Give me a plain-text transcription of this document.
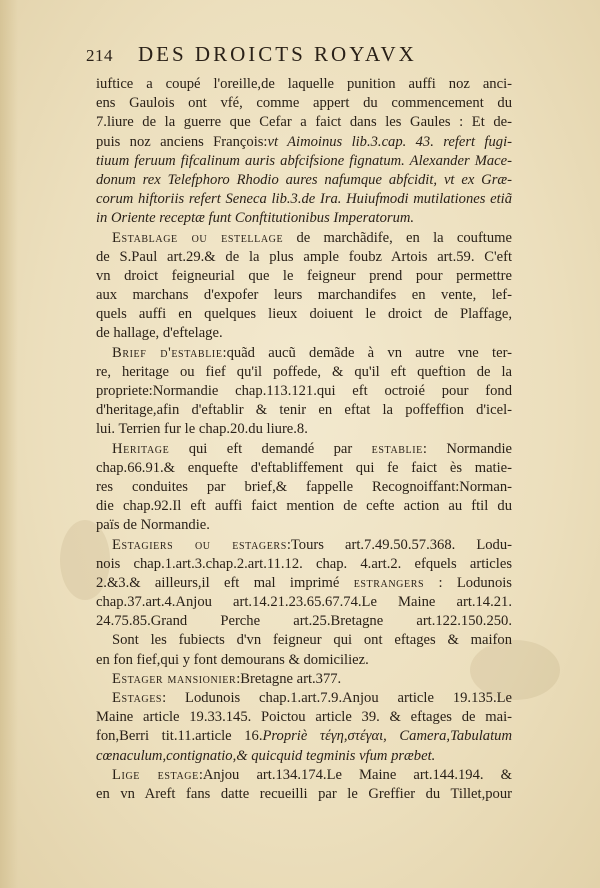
214 DES DROICTS ROYAVX
iuftice a coupé l'oreille,de laquelle punition auffi noz anci-
ens Gaulois ont vfé, comme appert du commencement du
7.liure de la guerre que Cefar a faict dans les Gaules : Et de-
puis noz anciens François:vt Aimoinus lib.3.cap. 43. refert fugi-
tiuum feruum fifcalinum auris abfcifsione fignatum. Alexander Mace-
donum rex Telefphoro Rhodio aures nafumque abfcidit, vt ex Græ-
corum hiftoriis refert Seneca lib.3.de Ira. Huiufmodi mutilationes etiã
in Oriente receptæ funt Conftitutionibus Imperatorum.
Establage ou estellage de marchãdife, en la couftume
de S.Paul art.29.& de la plus ample foubz Artois art.59. C'eft
vn droict feigneurial que le feigneur prend pour permettre
aux marchans d'expofer leurs marchandifes en vente, lef-
quels auffi en quelques lieux doiuent le droict de Plaffage,
de hallage, d'eftelage.
Brief d'establie:quãd aucũ demãde à vn autre vne ter-
re, heritage ou fief qu'il poffede, & qu'il eft queftion de la
propriete:Normandie chap.113.121.qui eft octroié pour fond
d'heritage,afin d'eftablir & tenir en eftat la poffeffion d'icel-
lui. Terrien fur le chap.20.du liure.8.
Heritage qui eft demandé par establie: Normandie
chap.66.91.& enquefte d'eftabliffement qui fe faict ès matie-
res conduites par brief,& fappelle Recognoiffant:Norman-
die chap.92.Il eft auffi faict mention de cefte action au ftil du
païs de Normandie.
Estagiers ou estagers:Tours art.7.49.50.57.368. Lodu-
nois chap.1.art.3.chap.2.art.11.12. chap. 4.art.2. efquels articles
2.&3.& ailleurs,il eft mal imprimé estrangers : Lodunois
chap.37.art.4.Anjou art.14.21.23.65.67.74.Le Maine art.14.21.
24.75.85.Grand Perche art.25.Bretagne art.122.150.250.
Sont les fubiects d'vn feigneur qui ont eftages & maifon
en fon fief,qui y font demourans & domiciliez.
Estager mansionier:Bretagne art.377.
Estages: Lodunois chap.1.art.7.9.Anjou article 19.135.Le
Maine article 19.33.145. Poictou article 39. & eftages de mai-
fon,Berri tit.11.article 16.Propriè τέγη,στέγαι, Camera,Tabulatum
cœnaculum,contignatio,& quicquid tegminis vfum præbet.
Lige estage:Anjou art.134.174.Le Maine art.144.194. &
en vn Areft fans datte recueilli par le Greffier du Tillet,pour
